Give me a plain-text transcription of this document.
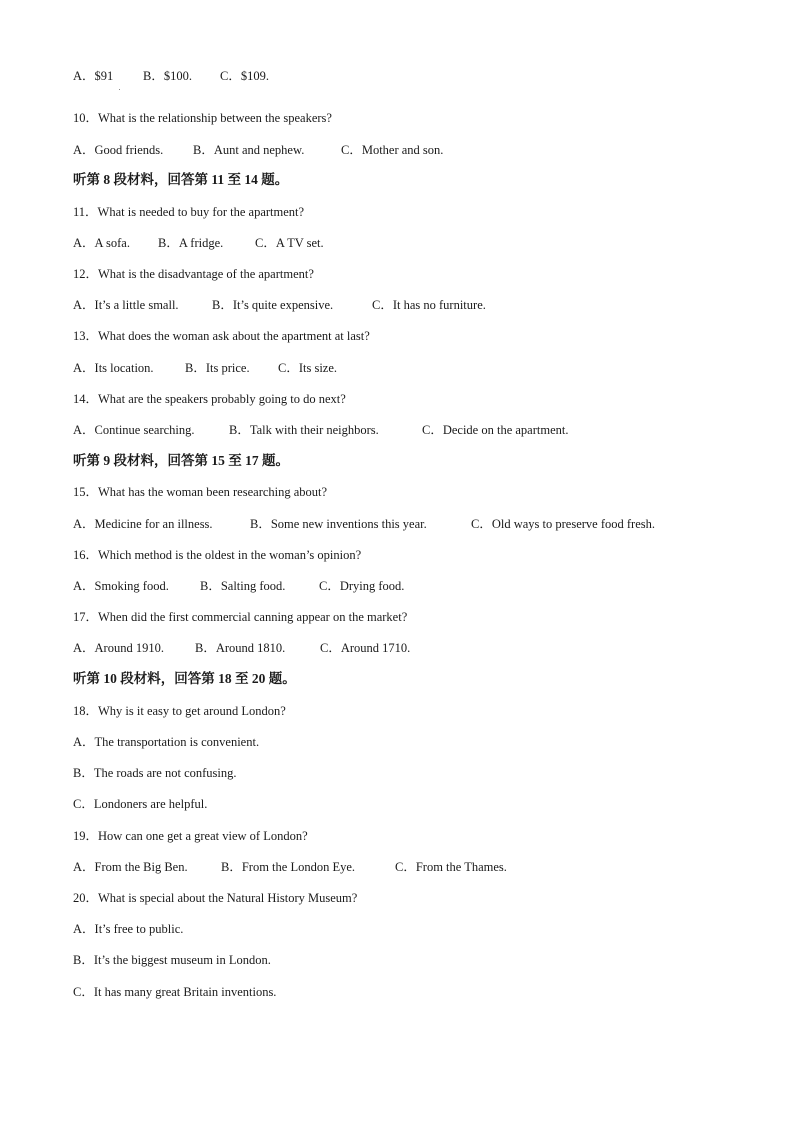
A．$91 B．$100. C．$109.
10．What is the relationship between the speakers?
A．Good friends. B．Aunt and nephew.	C．Mother and son.
听第 8 段材料，回答第 11 至 14 题。
11．What is needed to buy for the apartment?
A．A sofa. B．A fridge.	C．A TV set.
12．What is the disadvantage of the apartment?
A．It’s a little small.	B．It’s quite expensive.	C．It has no furniture.
13．What does the woman ask about the apartment at last?
A．Its location.	B．Its price. C．Its size.
14．What are the speakers probably going to do next?
A．Continue searching.	B．Talk with their neighbors.	C．Decide on the apartment.
听第 9 段材料，回答第 15 至 17 题。
15．What has the woman been researching about?
A．Medicine for an illness.	B．Some new inventions this year.	C．Old ways to preserve food fresh.
16．Which method is the oldest in the woman’s opinion?
A．Smoking food. B．Salting food.	C．Drying food.
17．When did the first commercial canning appear on the market?
A．Around 1910. B．Around 1810.	C．Around 1710.
听第 10 段材料，回答第 18 至 20 题。
18．Why is it easy to get around London?
A．The transportation is convenient.
B．The roads are not confusing.
C．Londoners are helpful.
19．How can one get a great view of London?
A．From the Big Ben.	B．From the London Eye.	C．From the Thames.
20．What is special about the Natural History Museum?
A．It’s free to public.
B．It’s the biggest museum in London.
C．It has many great Britain inventions.
